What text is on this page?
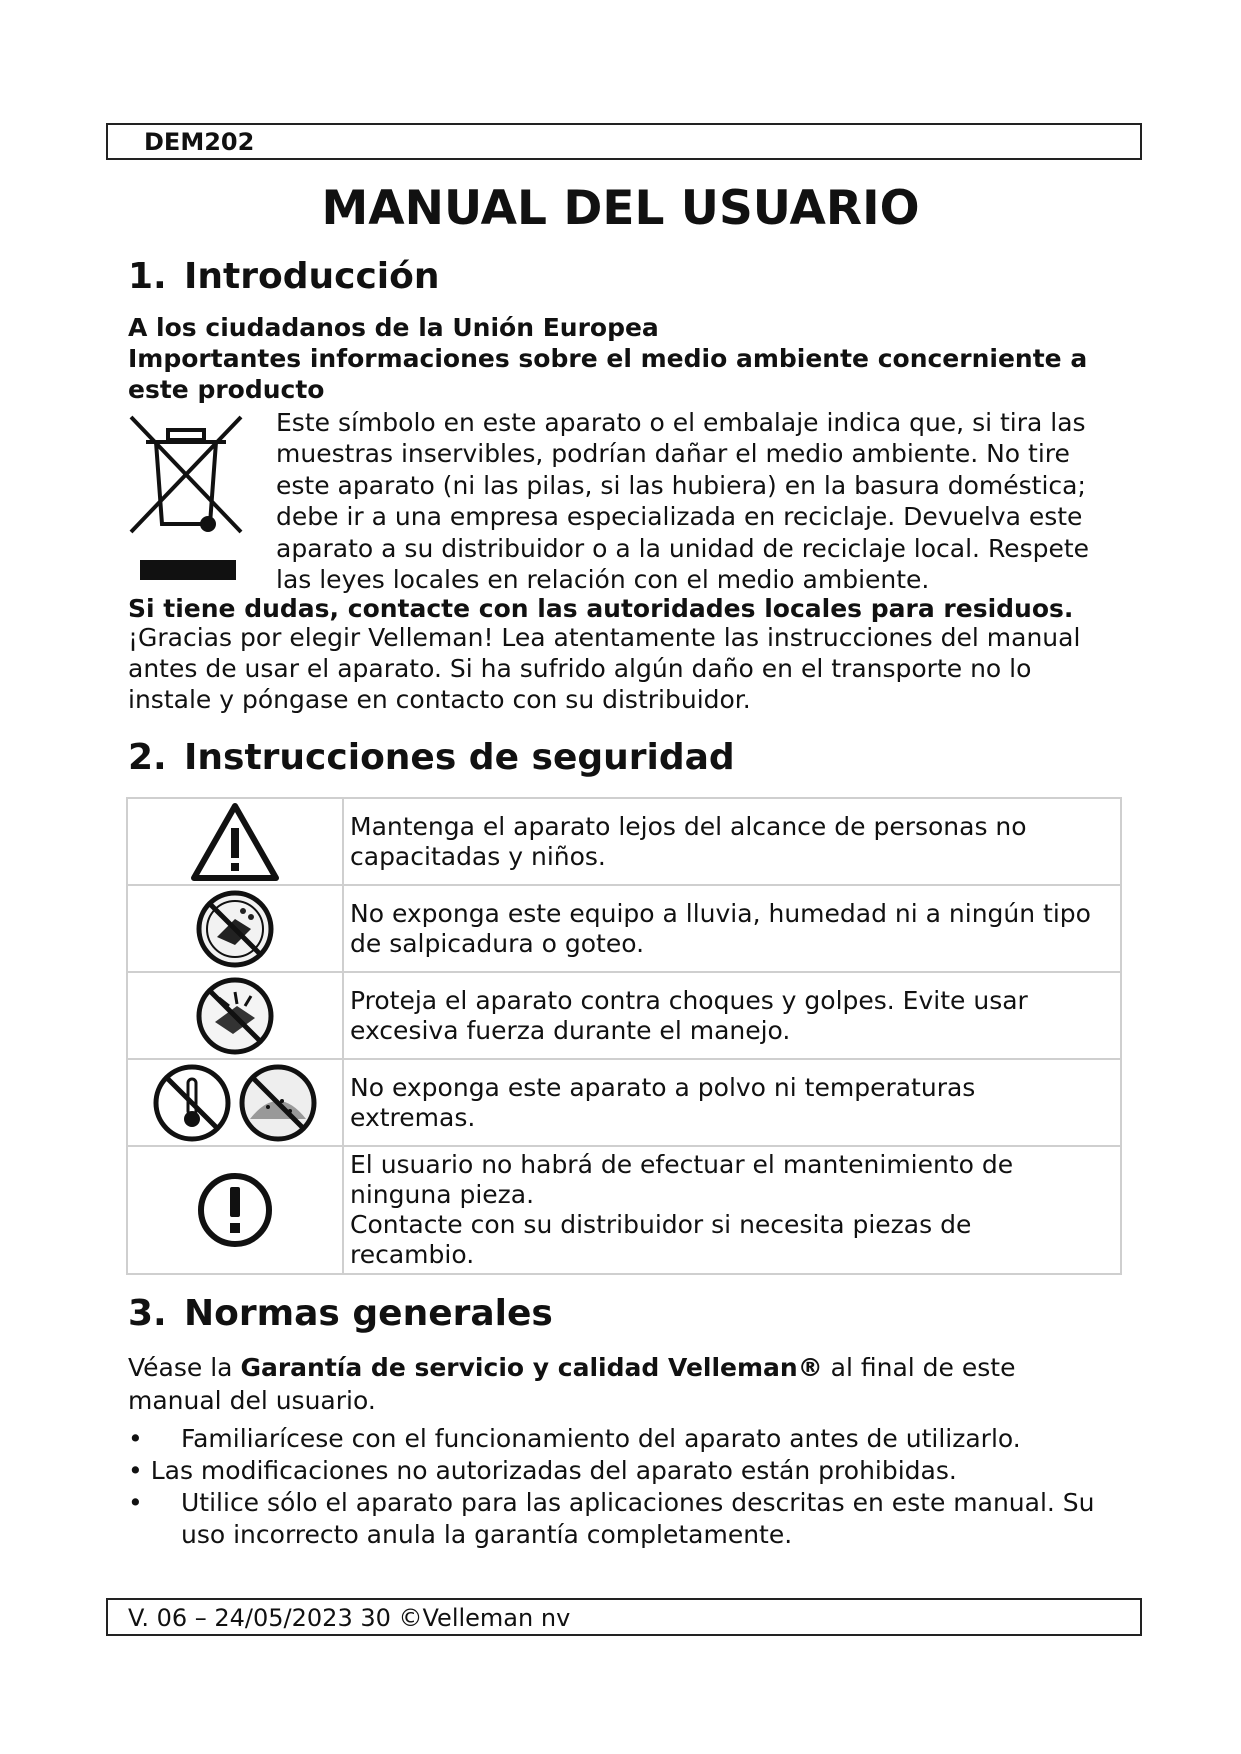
DEM202
MANUAL DEL USUARIO
1. Introducción
A los ciudadanos de la Unión Europea
Importantes informaciones sobre el medio ambiente concerniente a
este producto
Este símbolo en este aparato o el embalaje indica que, si tira las
muestras inservibles, podrían dañar el medio ambiente. No tire
este aparato (ni las pilas, si las hubiera) en la basura doméstica;
debe ir a una empresa especializada en reciclaje. Devuelva este
aparato a su distribuidor o a la unidad de reciclaje local. Respete
las leyes locales en relación con el medio ambiente.
Si tiene dudas, contacte con las autoridades locales para residuos.
¡Gracias por elegir Velleman! Lea atentamente las instrucciones del manual
antes de usar el aparato. Si ha sufrido algún daño en el transporte no lo
instale y póngase en contacto con su distribuidor.
2. Instrucciones de seguridad

Mantenga el aparato lejos del alcance de personas no
capacitadas y niños.

No exponga este equipo a lluvia, humedad ni a ningún tipo
de salpicadura o goteo.

Proteja el aparato contra choques y golpes. Evite usar
excesiva fuerza durante el manejo.

No exponga este aparato a polvo ni temperaturas
extremas.

El usuario no habrá de efectuar el mantenimiento de
ninguna pieza.
Contacte con su distribuidor si necesita piezas de
recambio.
3. Normas generales
Véase la Garantía de servicio y calidad Velleman® al final de este
manual del usuario.
• Familiarícese con el funcionamiento del aparato antes de utilizarlo.
• Las modificaciones no autorizadas del aparato están prohibidas.
• Utilice sólo el aparato para las aplicaciones descritas en este manual. Su
uso incorrecto anula la garantía completamente.
V. 06 – 24/05/2023 30 ©Velleman nv
